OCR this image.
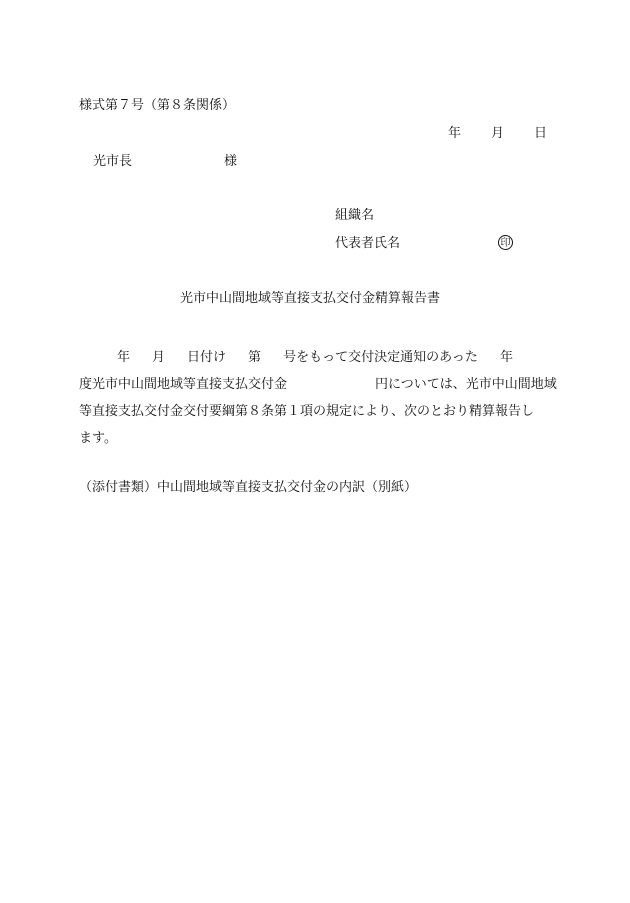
様式第７号（第８条関係）
年 月 日
光市長	様
組織名
代表者氏名	印
光市中山間地域等直接支払交付金精算報告書
年 月 日付け 第 号をもって交付決定通知のあった 年
度光市中山間地域等直接支払交付金	円については、光市中山間地域
等直接支払交付金交付要綱第８条第１項の規定により、次のとおり精算報告し
ます。
（添付書類）中山間地域等直接支払交付金の内訳（別紙）
